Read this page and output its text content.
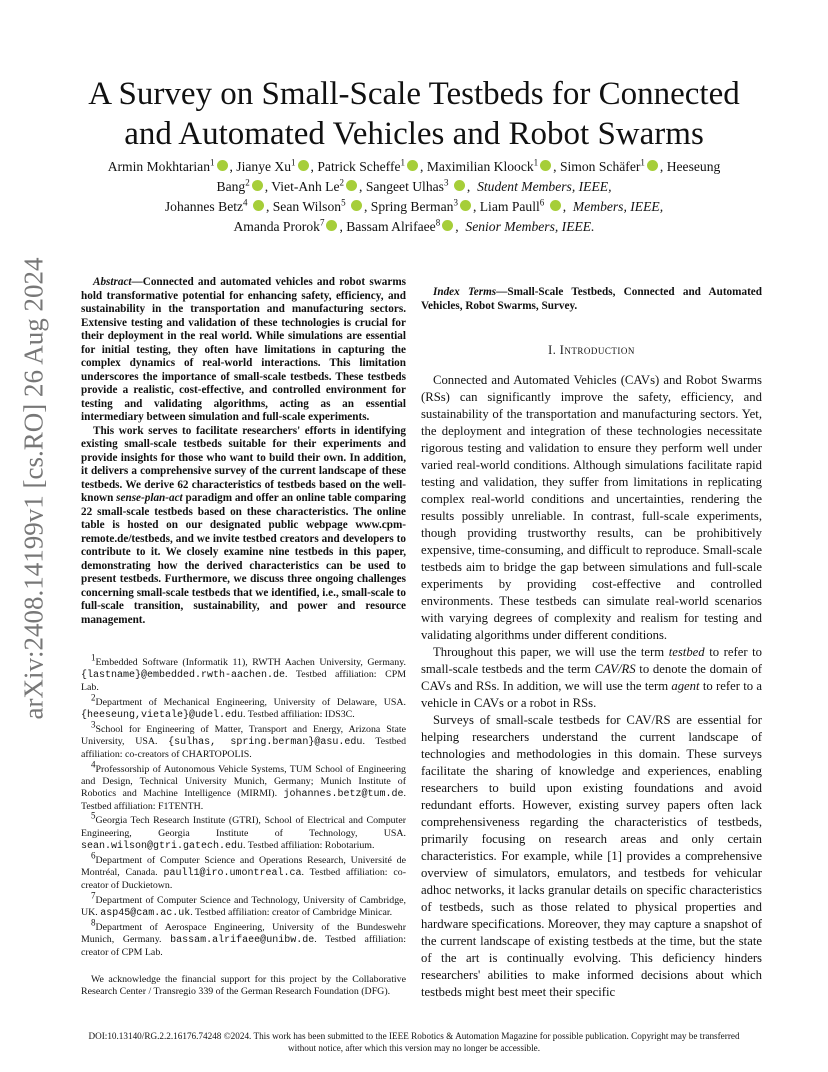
arXiv:2408.14199v1 [cs.RO] 26 Aug 2024
A Survey on Small-Scale Testbeds for Connected
and Automated Vehicles and Robot Swarms
Armin Mokhtarian$^1$ , Jianye Xu$^1$ , Patrick Scheffe$^1$ , Maximilian Kloock$^1$ , Simon Schäfer$^1$ , Heeseung
Bang$^2$ , Viet-Anh Le$^2$ , Sangeet Ulhas$^3$ ,  Student Members, IEEE,
Johannes Betz$^4$ , Sean Wilson$^5$ , Spring Berman$^3$ , Liam Paull$^6$ ,  Members, IEEE,
Amanda Prorok$^7$ , Bassam Alrifaee$^8$ ,  Senior Members, IEEE.

Abstract—Connected and automated vehicles and robot swarms hold transformative potential for enhancing safety, efficiency, and sustainability in the transportation and manufacturing sectors. Extensive testing and validation of these technologies is crucial for their deployment in the real world. While simulations are essential for initial testing, they often have limitations in capturing the complex dynamics of real-world interactions. This limitation underscores the importance of small-scale testbeds. These testbeds provide a realistic, cost-effective, and controlled environment for testing and validating algorithms, acting as an essential intermediary between simulation and full-scale experiments.

This work serves to facilitate researchers' efforts in identifying existing small-scale testbeds suitable for their experiments and provide insights for those who want to build their own. In addition, it delivers a comprehensive survey of the current landscape of these testbeds. We derive 62 characteristics of testbeds based on the well-known sense-plan-act paradigm and offer an online table comparing 22 small-scale testbeds based on these characteristics. The online table is hosted on our designated public webpage www.cpm-remote.de/testbeds, and we invite testbed creators and developers to contribute to it. We closely examine nine testbeds in this paper, demonstrating how the derived characteristics can be used to present testbeds. Furthermore, we discuss three ongoing challenges concerning small-scale testbeds that we identified, i.e., small-scale to full-scale transition, sustainability, and power and resource management.

Index Terms—Small-Scale Testbeds, Connected and Automated Vehicles, Robot Swarms, Survey.

I. Introduction

Connected and Automated Vehicles (CAVs) and Robot Swarms (RSs) can significantly improve the safety, efficiency, and sustainability of the transportation and manufacturing sectors. Yet, the deployment and integration of these technologies necessitate rigorous testing and validation to ensure they perform well under varied real-world conditions. Although simulations facilitate rapid testing and validation, they suffer from limitations in replicating complex real-world conditions and uncertainties, rendering the results possibly unreliable. In contrast, full-scale experiments, though providing trustworthy results, can be prohibitively expensive, time-consuming, and difficult to reproduce. Small-scale testbeds aim to bridge the gap between simulations and full-scale experiments by providing cost-effective and controlled environments. These testbeds can simulate real-world scenarios with varying degrees of complexity and realism for testing and validating algorithms under different conditions.

Throughout this paper, we will use the term testbed to refer to small-scale testbeds and the term CAV/RS to denote the domain of CAVs and RSs. In addition, we will use the term agent to refer to a vehicle in CAVs or a robot in RSs.

Surveys of small-scale testbeds for CAV/RS are essential for helping researchers understand the current landscape of technologies and methodologies in this domain. These surveys facilitate the sharing of knowledge and experiences, enabling researchers to build upon existing foundations and avoid redundant efforts. However, existing survey papers often lack comprehensiveness regarding the characteristics of testbeds, primarily focusing on research areas and only certain characteristics. For example, while [1] provides a comprehensive overview of simulators, emulators, and testbeds for vehicular adhoc networks, it lacks granular details on specific characteristics of testbeds, such as those related to physical properties and hardware specifications. Moreover, they may capture a snapshot of the current landscape of existing testbeds at the time, but the state of the art is continually evolving. This deficiency hinders researchers' abilities to make informed decisions about which testbeds might best meet their specific

$^1$Embedded Software (Informatik 11), RWTH Aachen University, Germany. {lastname}@embedded.rwth-aachen.de. Testbed affiliation: CPM Lab.

$^2$Department of Mechanical Engineering, University of Delaware, USA. {heeseung,vietale}@udel.edu. Testbed affiliation: IDS3C.

$^3$School for Engineering of Matter, Transport and Energy, Arizona State University, USA. {sulhas, spring.berman}@asu.edu. Testbed affiliation: co-creators of CHARTOPOLIS.

$^4$Professorship of Autonomous Vehicle Systems, TUM School of Engineering and Design, Technical University Munich, Germany; Munich Institute of Robotics and Machine Intelligence (MIRMI). johannes.betz@tum.de. Testbed affiliation: F1TENTH.

$^5$Georgia Tech Research Institute (GTRI), School of Electrical and Computer Engineering, Georgia Institute of Technology, USA. sean.wilson@gtri.gatech.edu. Testbed affiliation: Robotarium.

$^6$Department of Computer Science and Operations Research, Université de Montréal, Canada. paull1@iro.umontreal.ca. Testbed affiliation: co-creator of Duckietown.

$^7$Department of Computer Science and Technology, University of Cambridge, UK. asp45@cam.ac.uk. Testbed affiliation: creator of Cambridge Minicar.

$^8$Department of Aerospace Engineering, University of the Bundeswehr Munich, Germany. bassam.alrifaee@unibw.de. Testbed affiliation: creator of CPM Lab.

We acknowledge the financial support for this project by the Collaborative Research Center / Transregio 339 of the German Research Foundation (DFG).

DOI:10.13140/RG.2.2.16176.74248 ©2024. This work has been submitted to the IEEE Robotics & Automation Magazine for possible publication. Copyright may be transferred
without notice, after which this version may no longer be accessible.
